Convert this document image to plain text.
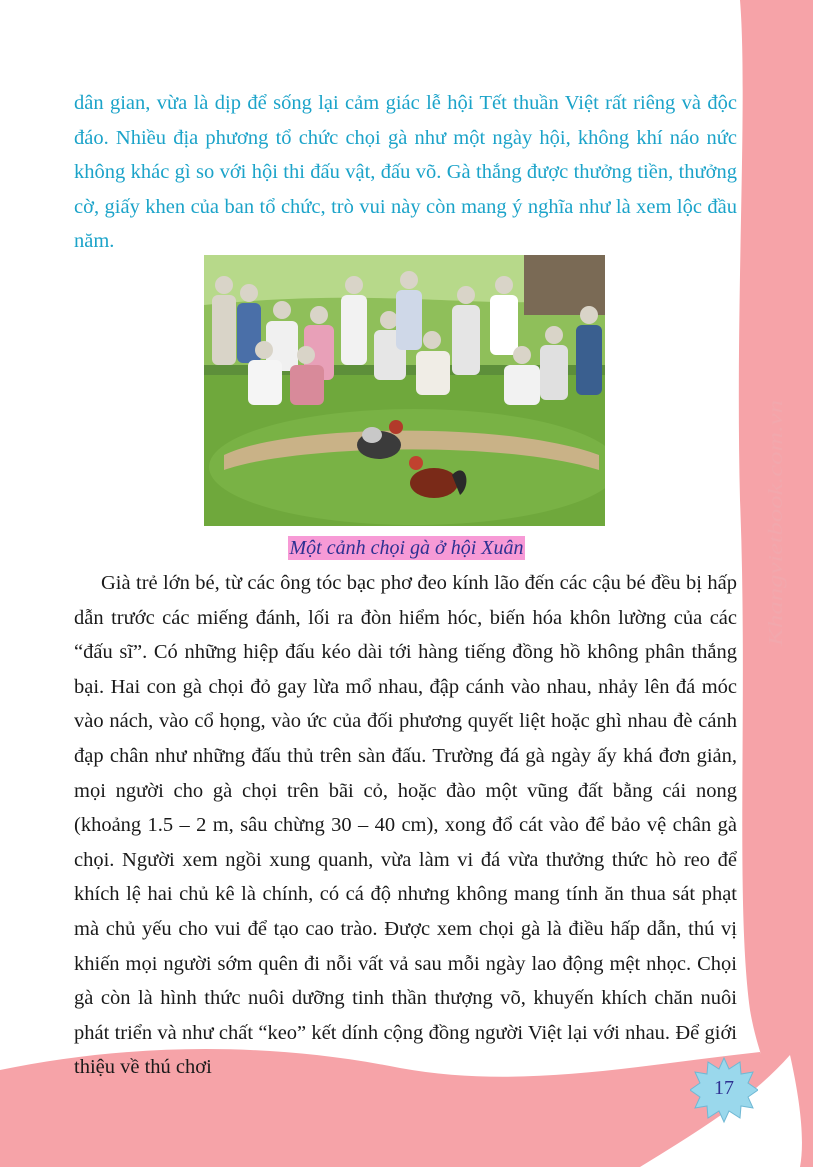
dân gian, vừa là dịp để sống lại cảm giác lễ hội Tết thuần Việt rất riêng và độc đáo. Nhiều địa phương tổ chức chọi gà như một ngày hội, không khí náo nức không khác gì so với hội thi đấu vật, đấu võ. Gà thắng được thưởng tiền, thưởng cờ, giấy khen của ban tổ chức, trò vui này còn mang ý nghĩa như là xem lộc đầu năm.

Một cảnh chọi gà ở hội Xuân

Già trẻ lớn bé, từ các ông tóc bạc phơ đeo kính lão đến các cậu bé đều bị hấp dẫn trước các miếng đánh, lối ra đòn hiểm hóc, biến hóa khôn lường của các “đấu sĩ”. Có những hiệp đấu kéo dài tới hàng tiếng đồng hồ không phân thắng bại. Hai con gà chọi đỏ gay lừa mổ nhau, đập cánh vào nhau, nhảy lên đá móc vào nách, vào cổ họng, vào ức của đối phương quyết liệt hoặc ghì nhau đè cánh đạp chân như những đấu thủ trên sàn đấu. Trường đá gà ngày ấy khá đơn giản, mọi người cho gà chọi trên bãi cỏ, hoặc đào một vũng đất bằng cái nong (khoảng 1.5 – 2 m, sâu chừng 30 – 40 cm), xong đổ cát vào để bảo vệ chân gà chọi. Người xem ngồi xung quanh, vừa làm vi đá vừa thưởng thức hò reo để khích lệ hai chủ kê là chính, có cá độ nhưng không mang tính ăn thua sát phạt mà chủ yếu cho vui để tạo cao trào. Được xem chọi gà là điều hấp dẫn, thú vị khiến mọi người sớm quên đi nỗi vất vả sau mỗi ngày lao động mệt nhọc. Chọi gà còn là hình thức nuôi dưỡng tinh thần thượng võ, khuyến khích chăn nuôi phát triển và như chất “keo” kết dính cộng đồng người Việt lại với nhau. Để giới thiệu về thú chơi

Khangvietbook.com.vn
17
